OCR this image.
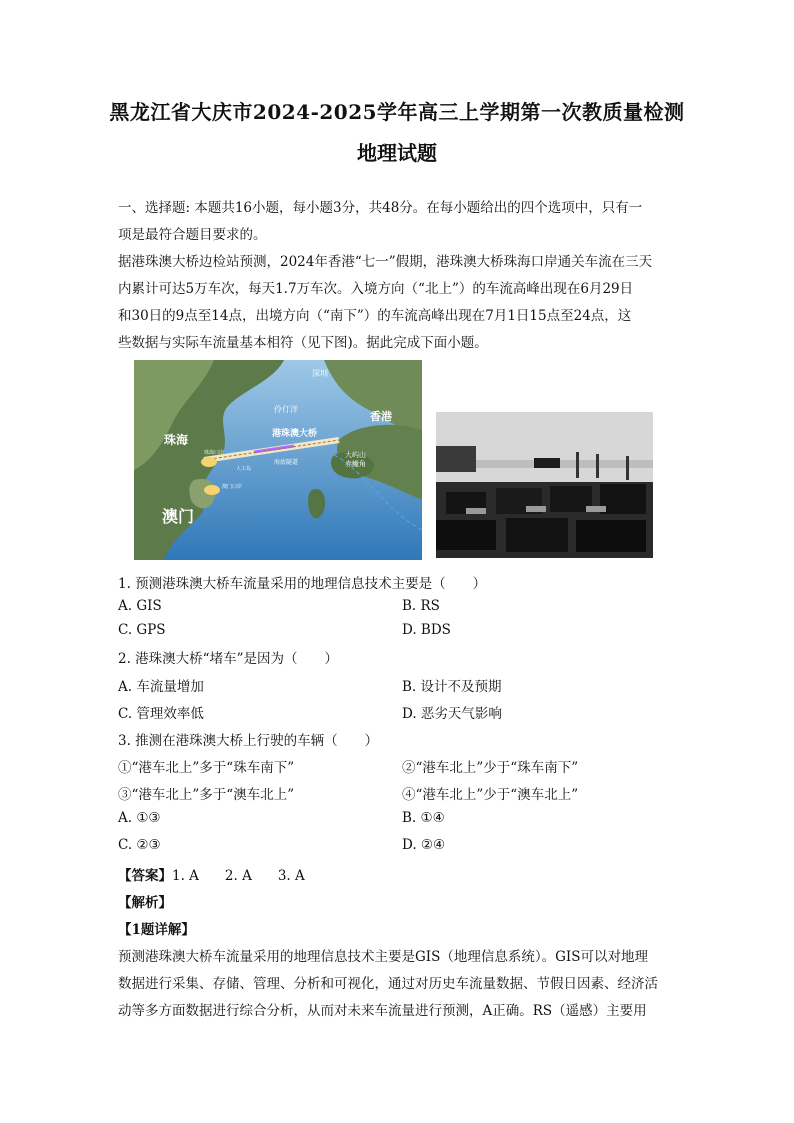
黑龙江省大庆市2024-2025学年高三上学期第一次教质量检测
地理试题
一、选择题: 本题共16小题，每小题3分，共48分。在每小题给出的四个选项中，只有一
项是最符合题目要求的。
据港珠澳大桥边检站预测，2024年香港“七一”假期，港珠澳大桥珠海口岸通关车流在三天
内累计可达5万车次，每天1.7万车次。入境方向（“北上”）的车流高峰出现在6月29日
和30日的9点至14点，出境方向（“南下”）的车流高峰出现在7月1日15点至24点，这
些数据与实际车流量基本相符（见下图)。据此完成下面小题。
珠海
澳门
香港
深圳
伶仃洋
港珠澳大桥
大屿山
赤鱲角
珠海口岸
澳门口岸
海底隧道
人工岛
1. 预测港珠澳大桥车流量采用的地理信息技术主要是（　　）
A. GIS	B. RS
C. GPS	D. BDS
2. 港珠澳大桥“堵车”是因为（　　）
A. 车流量增加	B. 设计不及预期
C. 管理效率低	D. 恶劣天气影响
3. 推测在港珠澳大桥上行驶的车辆（　　）
①“港车北上”多于“珠车南下”	②“港车北上”少于“珠车南下”
③“港车北上”多于“澳车北上”	④“港车北上”少于“澳车北上”
A. ①③	B. ①④
C. ②③	D. ②④
【答案】1. A 2. A 3. A
【解析】
【1题详解】
预测港珠澳大桥车流量采用的地理信息技术主要是GIS（地理信息系统）。GIS可以对地理
数据进行采集、存储、管理、分析和可视化，通过对历史车流量数据、节假日因素、经济活
动等多方面数据进行综合分析，从而对未来车流量进行预测，A正确。RS（遥感）主要用
